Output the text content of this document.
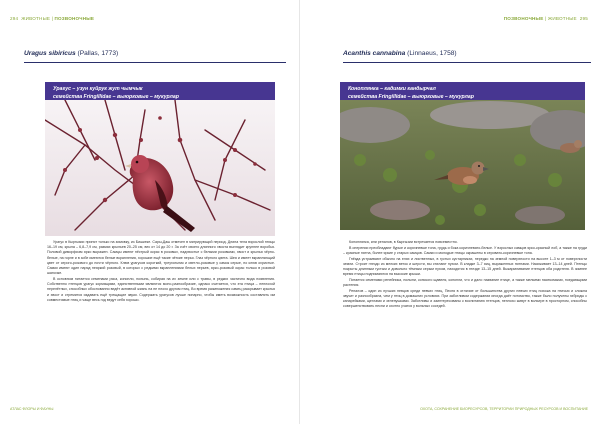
294 ЖИВОТНЫЕ | ПОЗВОНОЧНЫЕ
Uragus sibiricus (Pallas, 1773)
Урагус – узун куйрук жут чымчык
семейства Fringillidae – выюрковые – мукурлар

Урагус в Кыргызии принят только на зимовку, из Бишкеке. Сары-Даш отмечен в мигрирующий период. Длина тела взрослой птицы 16–19 см, крыла – 6,8–7,9 см, размах крыльев 20–25 см, вес от 14 до 20 г. За счёт своего длинного хвоста выглядит крупнее воробья. Половой диморфизм ярко выражен. Самцы имеют пёстрый окрас в розовых, надхвостье с белыми розовыми, хвост и крылья чёрно-белые, на горле и в зобе имеются белые вкрапления, хорошие ещё такие чёткие перья. Глаз чёрного цвета. Шея и имеет вкрапляющий цвет от серого-розового до почти чёрного. Клюв урагусов короткий, треугольник и светло-розовые у самок серые, но клюв охристые. Самки имеют один наряд неяркий розовый, в которых с редкими вкраплениями белых перьев, ярко-розовый окрас только в розовой шапочке.

В основном питается семенами ряса, конопли, полынь, собирая на их земле или с травы, в редких частично вида появления. Собственно птенцов урагус кормящими, единственными являются моно-разнообразие, однако считается, что эта птица – неплохой перелётных, способных обоснованно ведёт активной жизнь на не плохо другом птиц. Во время размножения самец раскрывает крылья и хвост и стремится издавать ещё трещащие звуки. Содержать урагусов лучше попарно, чтобы иметь возможность составлять им совместимые птиц и чаще весь год ведут себя хорошо.

АТЛАС ФЛОРЫ И ФАУНЫ
ПОЗВОНОЧНЫЕ | ЖИВОТНЫЕ 295
Acanthis cannabina (Linnaeus, 1758)
Коноплянка – кадимки кандырчал
семейства Fringillidae – выюрковые – мукурлар

Коноплянка, или репалов, в Кыргызии встречается повсеместно.

В оперении преобладают бурые и коричневые тона, грудь и бока коричневато-белые. У взрослых самцов ярко-красный лоб, а также на груди – красные пятна, более яркие у старых самцов. Самки и молодые птицы окрашены в серовато-коричневые тона.

Гнёзда устраивают обычно на елях и лиственных, в густых кустарниках, нередко на земной поверхности на высоте 1–3 м от поверхности земли. Строит гнездо из мелких веток и шерсти, вы стилают пухом. В кладке 3–7 яиц, выраженных пятнами. Насиживает 13–14 дней. Птенцы покрыты длинным густым и довольно тёмным серым пухом, находятся в гнезде 13–15 дней. Выкармливание птенцов оба родителя. В зимнее время птицы поднимаются на высокие крыши.

Питается семенами репейника, полыни, конского щавеля, конопли, что и дало название птице, а также мелкими насекомыми, поедающими растения.

Репалов – один из лучших певцов среди певчих птиц. Песня в отличие от большинства других певчих птиц похожа на птичью и сложна звучит и разнообразна, чем у птиц в домашних условиях. При заботливом содержании иногда даёт потомство, также было получены гибриды с канарейками, щеглами и зеленушками. Заботливы и заинтересованы к воспитанию птенцов, неплохо живут в вольере в просторном, способны совершенствовать песни и охотно учатся у вольных соседей.

ОХОТА, СОХРАНЕНИЕ БИОРЕСУРСОВ, ТЕРРИТОРИИ ПРИРОДНЫХ РЕСУРСОВ И ВОСПИТАНИЕ
